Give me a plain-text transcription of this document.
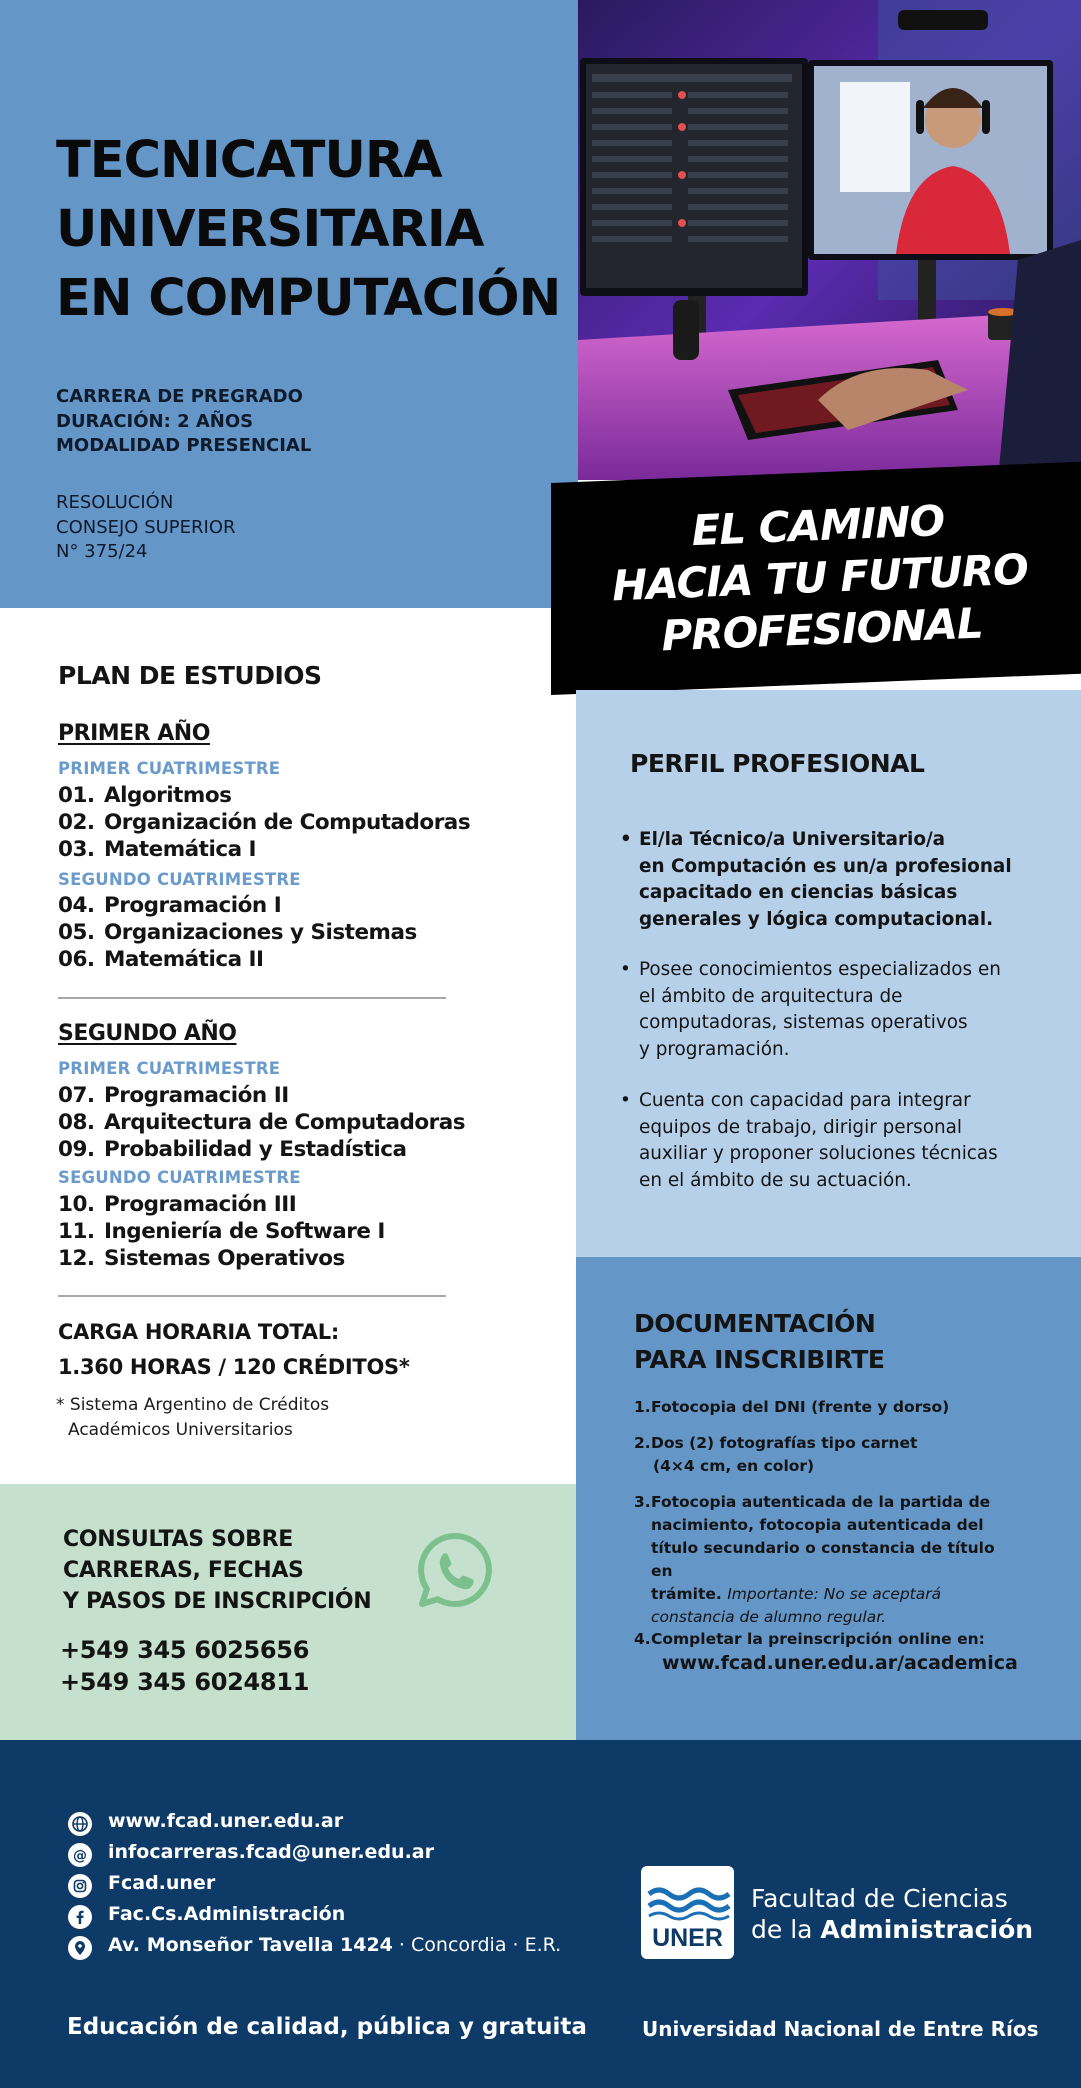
TECNICATURA
UNIVERSITARIA
EN COMPUTACIÓN
CARRERA DE PREGRADO
DURACIÓN: 2 AÑOS
MODALIDAD PRESENCIAL
RESOLUCIÓN
CONSEJO SUPERIOR
N° 375/24	EL CAMINO
HACIA TU FUTURO
PROFESIONAL
PLAN DE ESTUDIOS
PRIMER AÑO
PRIMER CUATRIMESTRE
01. Algoritmos
02. Organización de Computadoras
03. Matemática I
SEGUNDO CUATRIMESTRE
04. Programación I
05. Organizaciones y Sistemas
06. Matemática II
SEGUNDO AÑO
PRIMER CUATRIMESTRE
07. Programación II
08. Arquitectura de Computadoras
09. Probabilidad y Estadística
SEGUNDO CUATRIMESTRE
10. Programación III
11. Ingeniería de Software I
12. Sistemas Operativos
CARGA HORARIA TOTAL:
1.360 HORAS / 120 CRÉDITOS*
* Sistema Argentino de Créditos
Académicos Universitarios
PERFIL PROFESIONAL
• El/la Técnico/a Universitario/a
en Computación es un/a profesional
capacitado en ciencias básicas
generales y lógica computacional.
• Posee conocimientos especializados en
el ámbito de arquitectura de
computadoras, sistemas operativos
y programación.
• Cuenta con capacidad para integrar
equipos de trabajo, dirigir personal
auxiliar y proponer soluciones técnicas
en el ámbito de su actuación.
DOCUMENTACIÓN
PARA INSCRIBIRTE
1. Fotocopia del DNI (frente y dorso)
2. Dos (2) fotografías tipo carnet
(4×4 cm, en color)
3. Fotocopia autenticada de la partida de
nacimiento, fotocopia autenticada del
título secundario o constancia de título en
trámite. Importante: No se aceptará
constancia de alumno regular.
4. Completar la preinscripción online en:
www.fcad.uner.edu.ar/academica
CONSULTAS SOBRE
CARRERAS, FECHAS
Y PASOS DE INSCRIPCIÓN
+549 345 6025656
+549 345 6024811
www.fcad.uner.edu.ar
@ infocarreras.fcad@uner.edu.ar
Fcad.uner
Fac.Cs.Administración
Av. Monseñor Tavella 1424 · Concordia · E.R.	UNER
Facultad de Ciencias
de la Administración
Educación de calidad, pública y gratuita	Universidad Nacional de Entre Ríos
